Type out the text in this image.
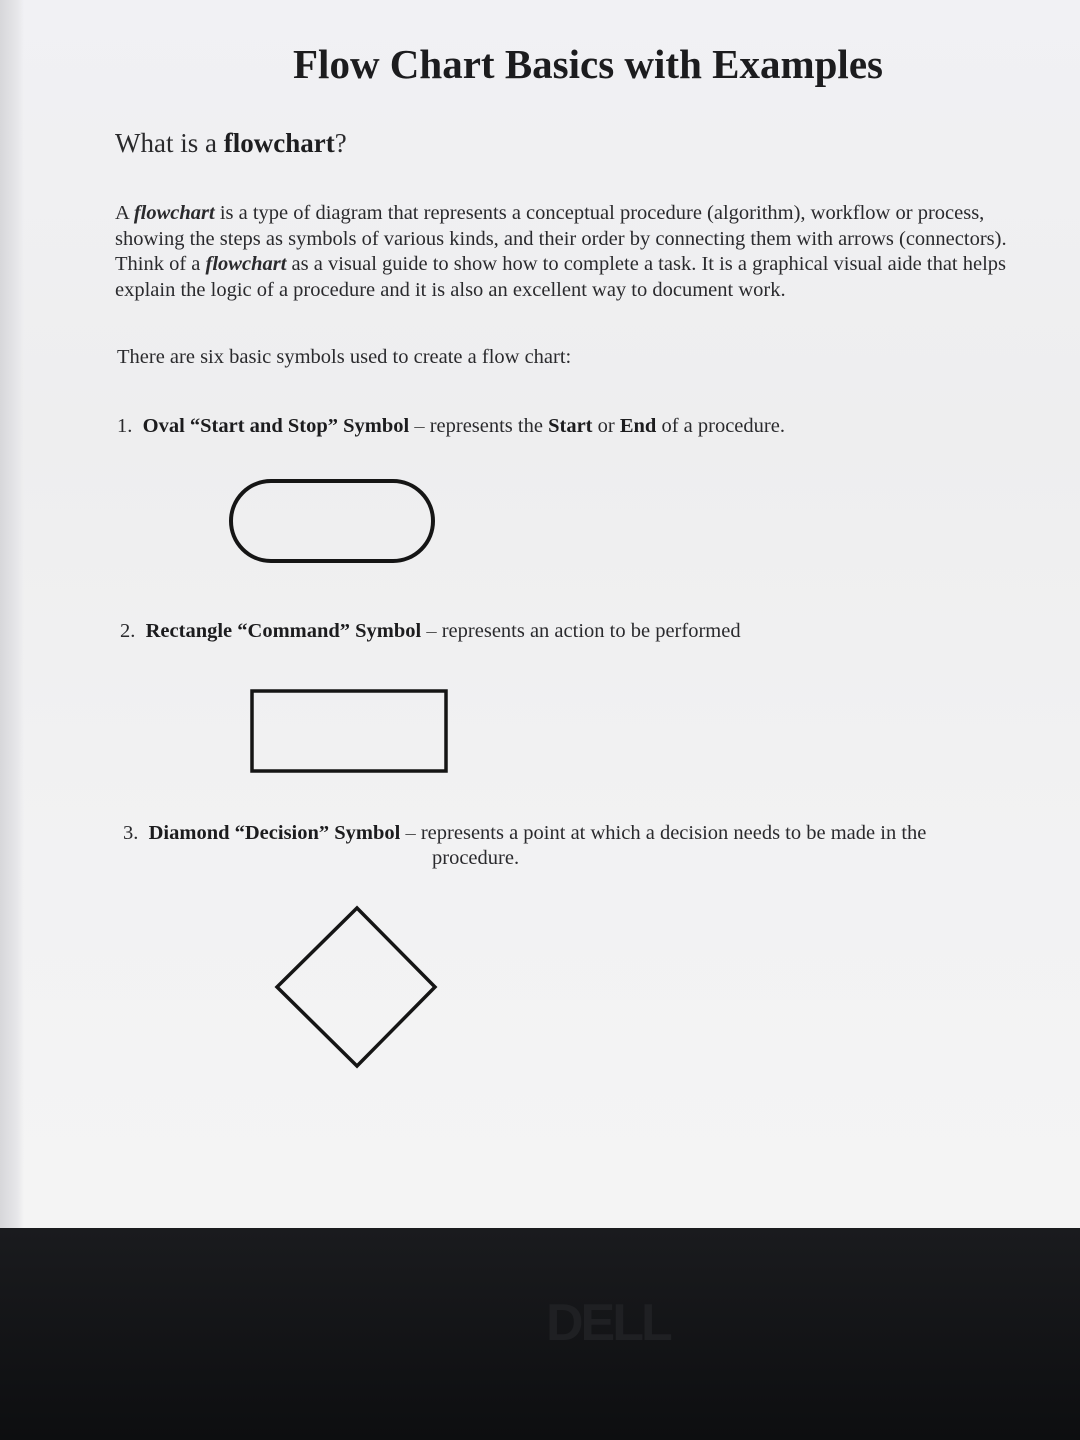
Flow Chart Basics with Examples

What is a flowchart?

A flowchart is a type of diagram that represents a conceptual procedure (algorithm), workflow or process, showing the steps as symbols of various kinds, and their order by connecting them with arrows (connectors). Think of a flowchart as a visual guide to show how to complete a task. It is a graphical visual aide that helps explain the logic of a procedure and it is also an excellent way to document work.

There are six basic symbols used to create a flow chart:

1. Oval “Start and Stop” Symbol – represents the Start or End of a procedure.

2. Rectangle “Command” Symbol – represents an action to be performed

3. Diamond “Decision” Symbol – represents a point at which a decision needs to be made in the

procedure.

DELL
